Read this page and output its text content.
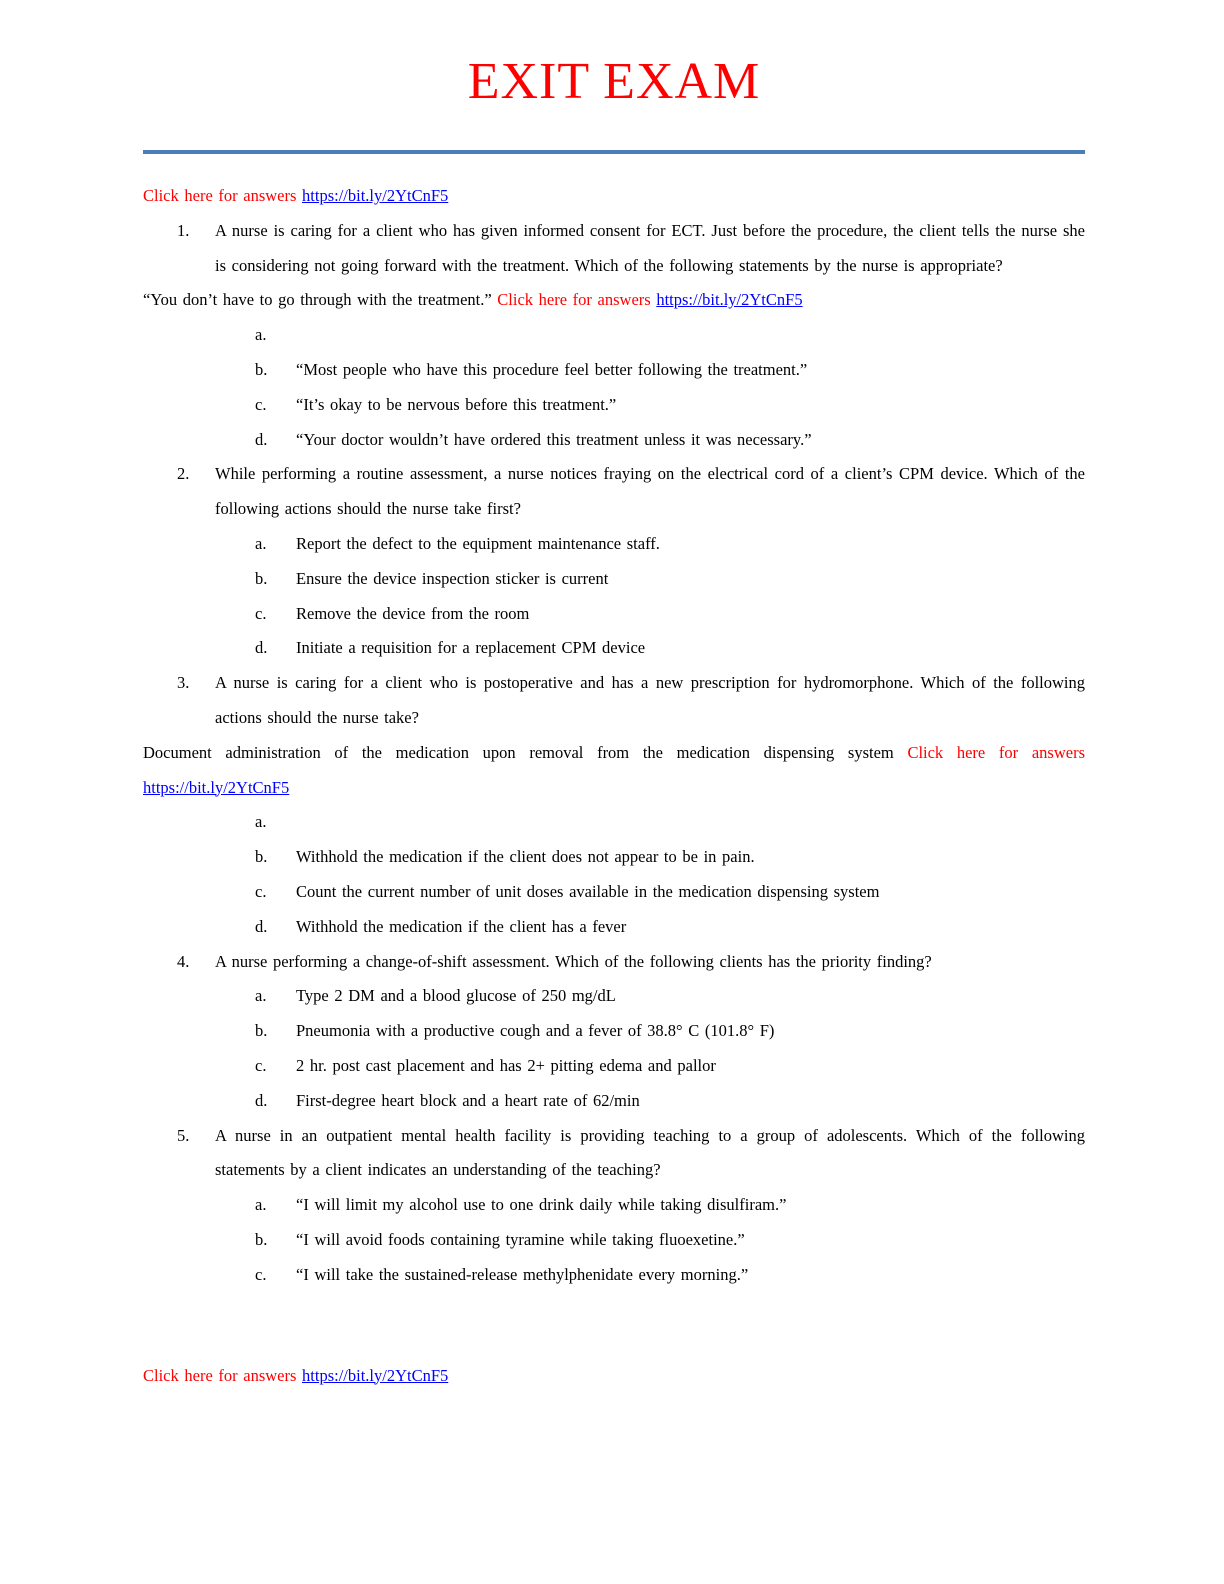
EXIT EXAM

Click here for answers https://bit.ly/2YtCnF5

1.	A nurse is caring for a client who has given informed consent for ECT. Just before the procedure, the client tells the nurse she is considering not going forward with the treatment. Which of the following statements by the nurse is appropriate?

“You don’t have to go through with the treatment.” Click here for answers https://bit.ly/2YtCnF5

a.
b.	“Most people who have this procedure feel better following the treatment.”
c.	“It’s okay to be nervous before this treatment.”
d.	“Your doctor wouldn’t have ordered this treatment unless it was necessary.”
2.	While performing a routine assessment, a nurse notices fraying on the electrical cord of a client’s CPM device. Which of the following actions should the nurse take first?
a.	Report the defect to the equipment maintenance staff.
b.	Ensure the device inspection sticker is current
c.	Remove the device from the room
d.	Initiate a requisition for a replacement CPM device
3.	A nurse is caring for a client who is postoperative and has a new prescription for hydromorphone. Which of the following actions should the nurse take?

Document administration of the medication upon removal from the medication dispensing system Click here for answers https://bit.ly/2YtCnF5

a.
b.	Withhold the medication if the client does not appear to be in pain.
c.	Count the current number of unit doses available in the medication dispensing system
d.	Withhold the medication if the client has a fever
4.	A nurse performing a change-of-shift assessment. Which of the following clients has the priority finding?
a.	Type 2 DM and a blood glucose of 250 mg/dL
b.	Pneumonia with a productive cough and a fever of 38.8° C (101.8° F)
c.	2 hr. post cast placement and has 2+ pitting edema and pallor
d.	First-degree heart block and a heart rate of 62/min
5.	A nurse in an outpatient mental health facility is providing teaching to a group of adolescents. Which of the following statements by a client indicates an understanding of the teaching?
a.	“I will limit my alcohol use to one drink daily while taking disulfiram.”
b.	“I will avoid foods containing tyramine while taking fluoexetine.”
c.	“I will take the sustained-release methylphenidate every morning.”

Click here for answers https://bit.ly/2YtCnF5
